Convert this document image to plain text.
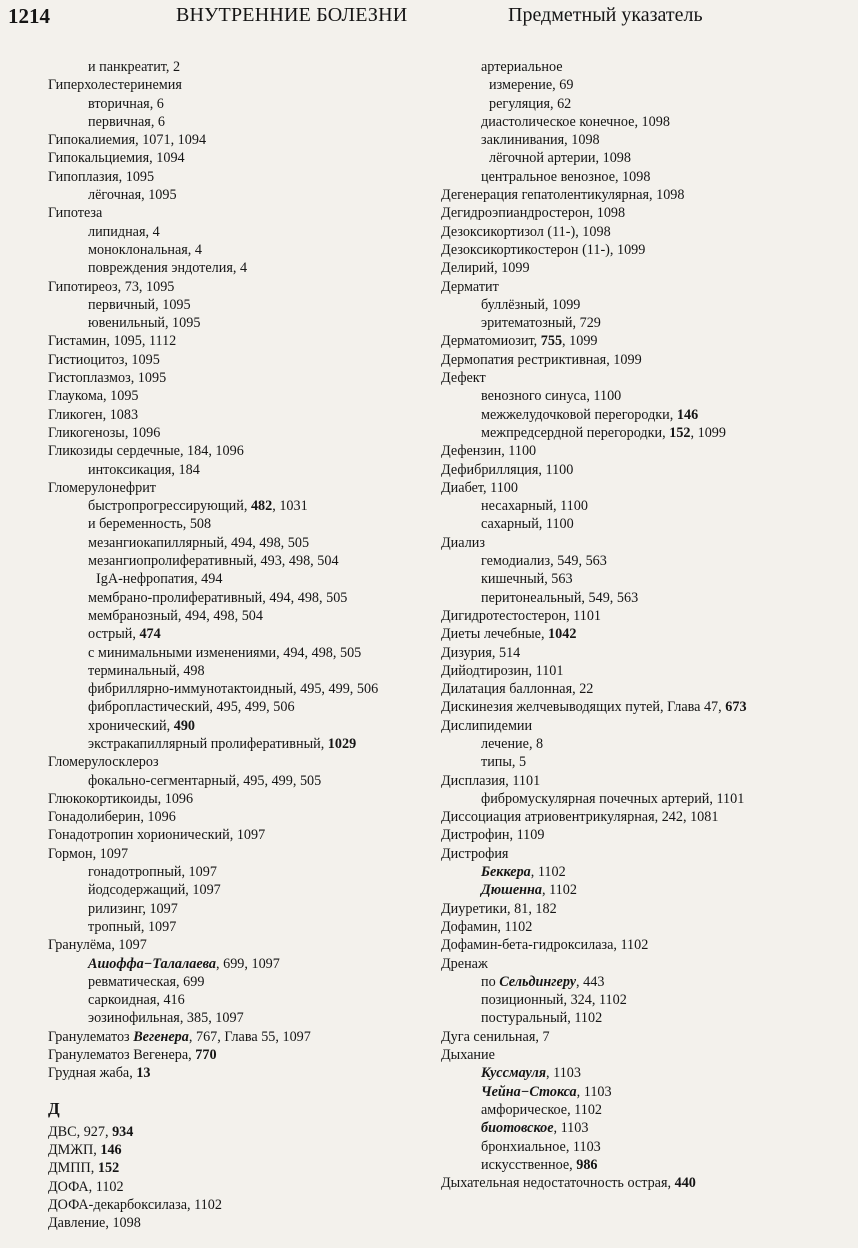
1214	ВНУТРЕННИЕ БОЛЕЗНИ	Предметный указатель
и панкреатит, 2
Гиперхолестеринемия
вторичная, 6
первичная, 6
Гипокалиемия, 1071, 1094
Гипокальциемия, 1094
Гипоплазия, 1095
лёгочная, 1095
Гипотеза
липидная, 4
моноклональная, 4
повреждения эндотелия, 4
Гипотиреоз, 73, 1095
первичный, 1095
ювенильный, 1095
Гистамин, 1095, 1112
Гистиоцитоз, 1095
Гистоплазмоз, 1095
Глаукома, 1095
Гликоген, 1083
Гликогенозы, 1096
Гликозиды сердечные, 184, 1096
интоксикация, 184
Гломерулонефрит
быстропрогрессирующий, 482, 1031
и беременность, 508
мезангиокапиллярный, 494, 498, 505
мезангиопролиферативный, 493, 498, 504
IgA-нефропатия, 494
мембрано-пролиферативный, 494, 498, 505
мембранозный, 494, 498, 504
острый, 474
с минимальными изменениями, 494, 498, 505
терминальный, 498
фибриллярно-иммунотактоидный, 495, 499, 506
фибропластический, 495, 499, 506
хронический, 490
экстракапиллярный пролиферативный, 1029
Гломерулосклероз
фокально-сегментарный, 495, 499, 505
Глюкокортикоиды, 1096
Гонадолиберин, 1096
Гонадотропин хорионический, 1097
Гормон, 1097
гонадотропный, 1097
йодсодержащий, 1097
рилизинг, 1097
тропный, 1097
Гранулёма, 1097
Ашоффа−Талалаева, 699, 1097
ревматическая, 699
саркоидная, 416
эозинофильная, 385, 1097
Гранулематоз Вегенера, 767, Глава 55, 1097
Гранулематоз Вегенера, 770
Грудная жаба, 13
Д
ДВС, 927, 934
ДМЖП, 146
ДМПП, 152
ДОФА, 1102
ДОФА-декарбоксилаза, 1102
Давление, 1098
артериальное
измерение, 69
регуляция, 62
диастолическое конечное, 1098
заклинивания, 1098
лёгочной артерии, 1098
центральное венозное, 1098
Дегенерация гепатолентикулярная, 1098
Дегидроэпиандростерон, 1098
Дезоксикортизол (11-), 1098
Дезоксикортикостерон (11-), 1099
Делирий, 1099
Дерматит
буллёзный, 1099
эритематозный, 729
Дерматомиозит, 755, 1099
Дермопатия рестриктивная, 1099
Дефект
венозного синуса, 1100
межжелудочковой перегородки, 146
межпредсердной перегородки, 152, 1099
Дефензин, 1100
Дефибрилляция, 1100
Диабет, 1100
несахарный, 1100
сахарный, 1100
Диализ
гемодиализ, 549, 563
кишечный, 563
перитонеальный, 549, 563
Дигидротестостерон, 1101
Диеты лечебные, 1042
Дизурия, 514
Дийодтирозин, 1101
Дилатация баллонная, 22
Дискинезия желчевыводящих путей, Глава 47, 673
Дислипидемии
лечение, 8
типы, 5
Дисплазия, 1101
фибромускулярная почечных артерий, 1101
Диссоциация атриовентрикулярная, 242, 1081
Дистрофин, 1109
Дистрофия
Беккера, 1102
Дюшенна, 1102
Диуретики, 81, 182
Дофамин, 1102
Дофамин-бета-гидроксилаза, 1102
Дренаж
по Сельдингеру, 443
позиционный, 324, 1102
постуральный, 1102
Дуга сенильная, 7
Дыхание
Куссмауля, 1103
Чейна−Стокса, 1103
амфорическое, 1102
биотовское, 1103
бронхиальное, 1103
искусственное, 986
Дыхательная недостаточность острая, 440
